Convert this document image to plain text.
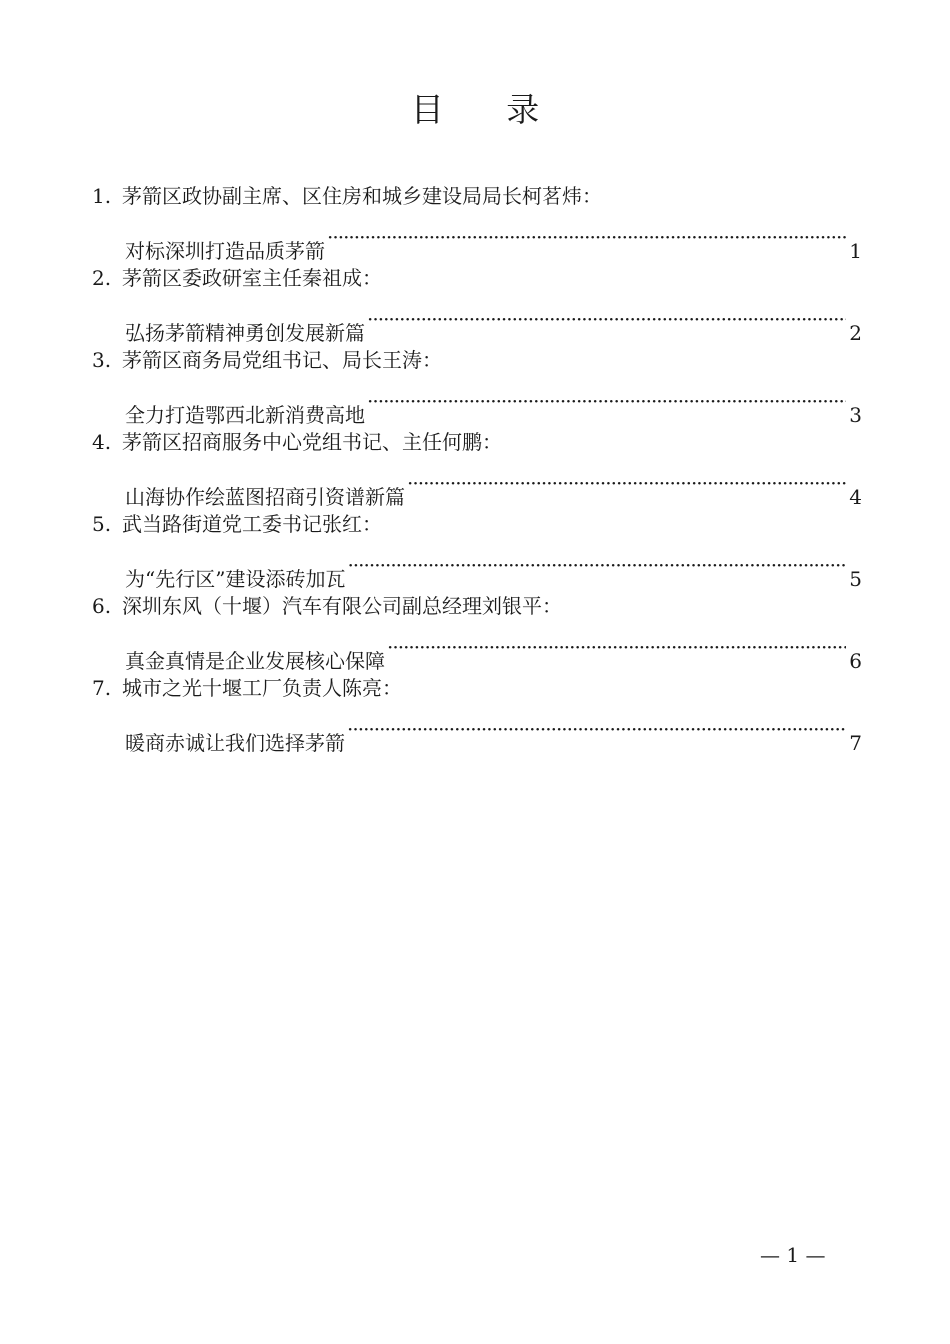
目 录
1. 茅箭区政协副主席、区住房和城乡建设局局长柯茗炜：
对标深圳打造品质茅箭 ·····	1
2. 茅箭区委政研室主任秦祖成：
弘扬茅箭精神勇创发展新篇 ·····	2
3. 茅箭区商务局党组书记、局长王涛：
全力打造鄂西北新消费高地 ·····	3
4. 茅箭区招商服务中心党组书记、主任何鹏：
山海协作绘蓝图招商引资谱新篇 ·····	4
5. 武当路街道党工委书记张红：
为“先行区”建设添砖加瓦 ·····	5
6. 深圳东风（十堰）汽车有限公司副总经理刘银平：
真金真情是企业发展核心保障 ·····	6
7. 城市之光十堰工厂负责人陈亮：
暖商赤诚让我们选择茅箭 ·····	7
— 1 —
